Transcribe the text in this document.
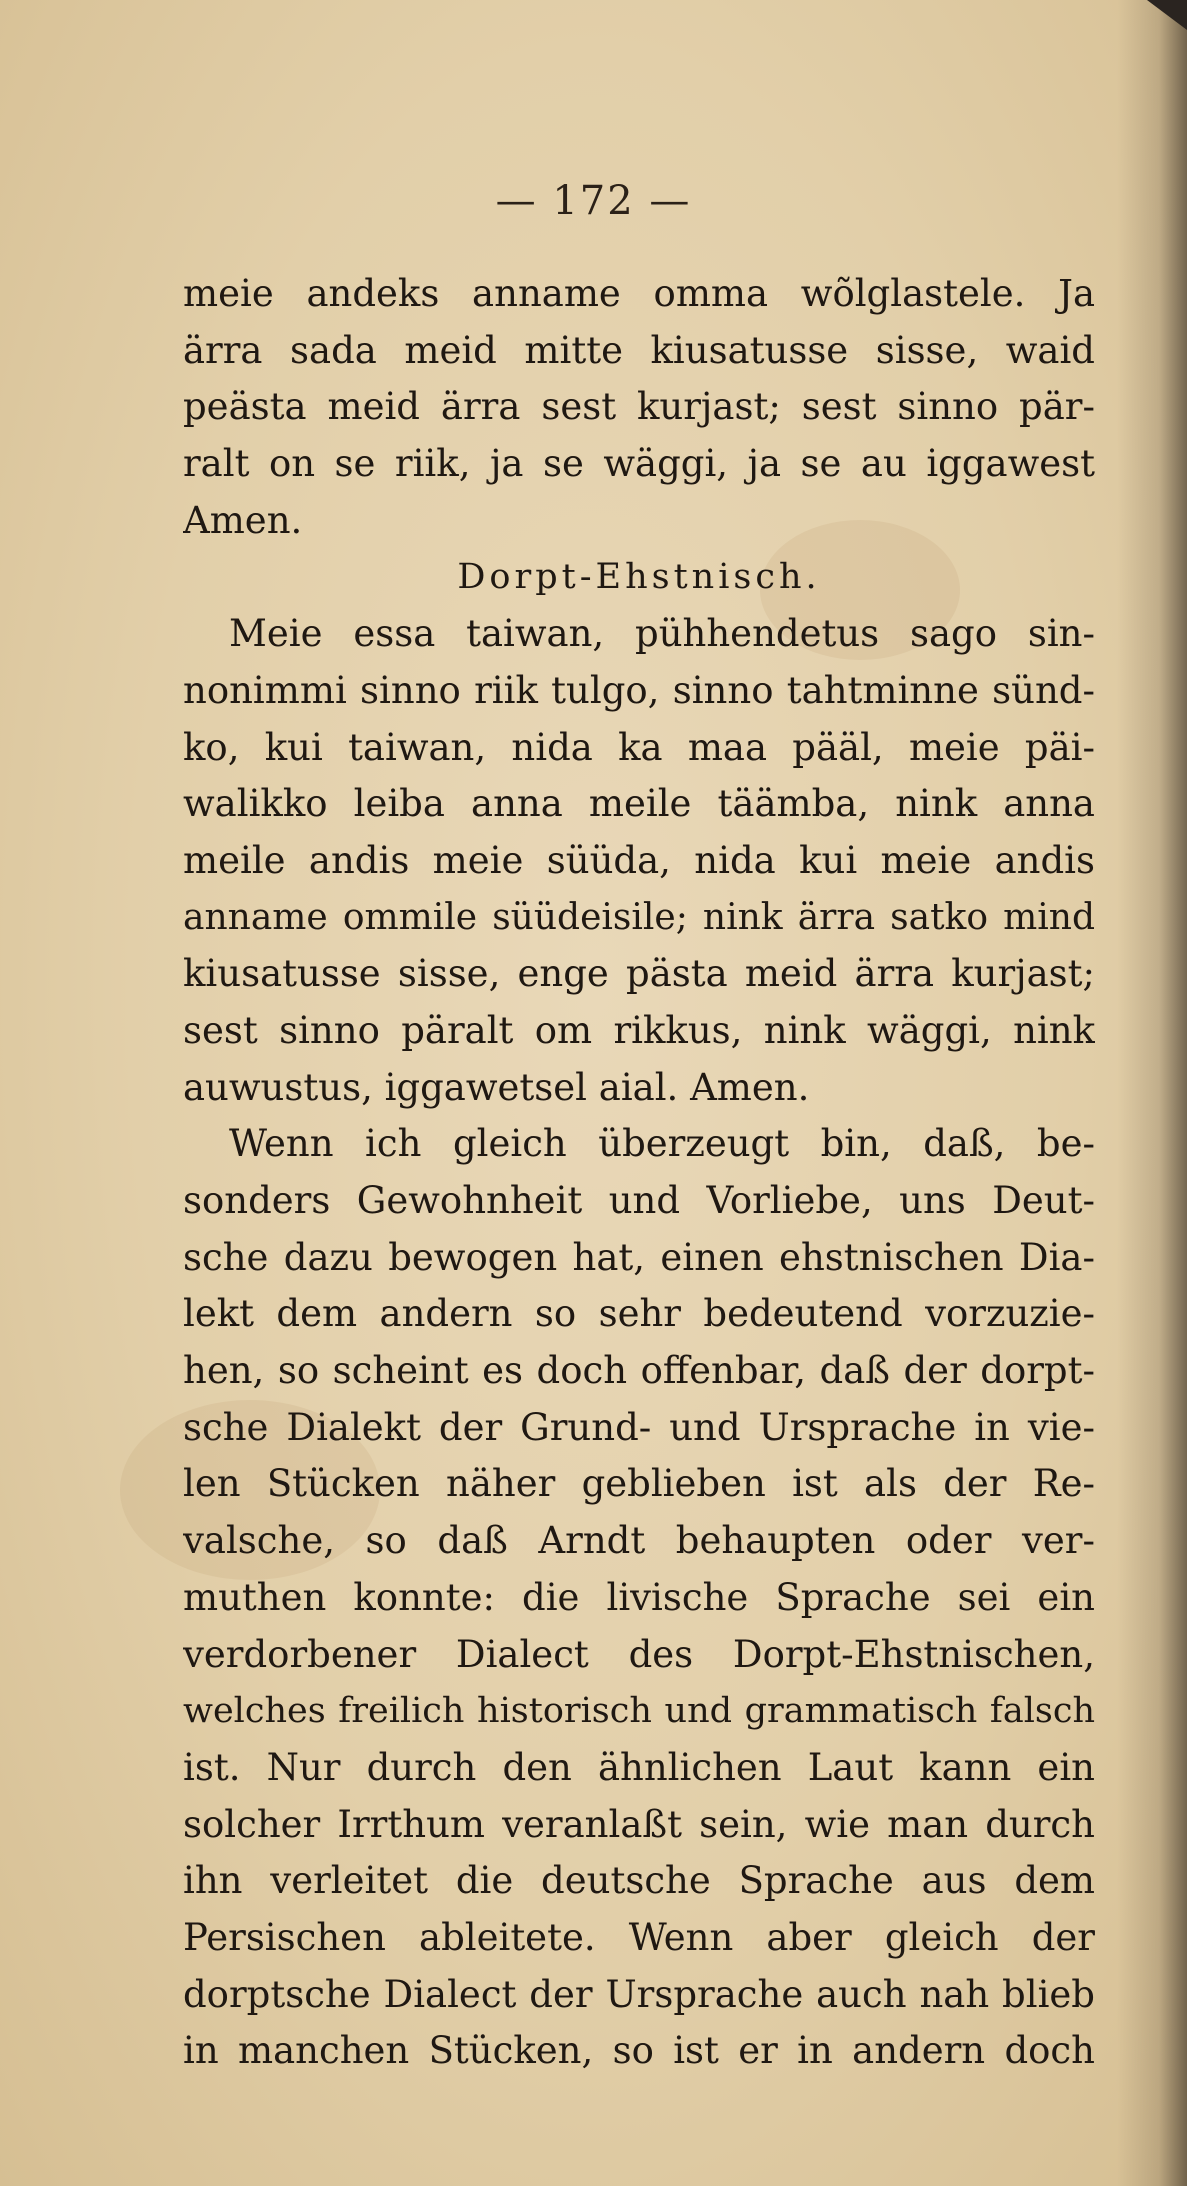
— 172 —
meie andeks anname omma wõlglastele. Ja
ärra sada meid mitte kiusatusse sisse, waid
peästa meid ärra sest kurjast; sest sinno pär-
ralt on se riik, ja se wäggi, ja se au iggawest
Amen.
Dorpt-Ehstnisch.
Meie essa taiwan, pühhendetus sago sin-
nonimmi sinno riik tulgo, sinno tahtminne sünd-
ko, kui taiwan, nida ka maa pääl, meie päi-
walikko leiba anna meile täämba, nink anna
meile andis meie süüda, nida kui meie andis
anname ommile süüdeisile; nink ärra satko mind
kiusatusse sisse, enge pästa meid ärra kurjast;
sest sinno päralt om rikkus, nink wäggi, nink
auwustus, iggawetsel aial. Amen.
Wenn ich gleich überzeugt bin, daß, be-
sonders Gewohnheit und Vorliebe, uns Deut-
sche dazu bewogen hat, einen ehstnischen Dia-
lekt dem andern so sehr bedeutend vorzuzie-
hen, so scheint es doch offenbar, daß der dorpt-
sche Dialekt der Grund- und Ursprache in vie-
len Stücken näher geblieben ist als der Re-
valsche, so daß Arndt behaupten oder ver-
muthen konnte: die livische Sprache sei ein
verdorbener Dialect des Dorpt-Ehstnischen,
welches freilich historisch und grammatisch falsch
ist. Nur durch den ähnlichen Laut kann ein
solcher Irrthum veranlaßt sein, wie man durch
ihn verleitet die deutsche Sprache aus dem
Persischen ableitete. Wenn aber gleich der
dorptsche Dialect der Ursprache auch nah blieb
in manchen Stücken, so ist er in andern doch
